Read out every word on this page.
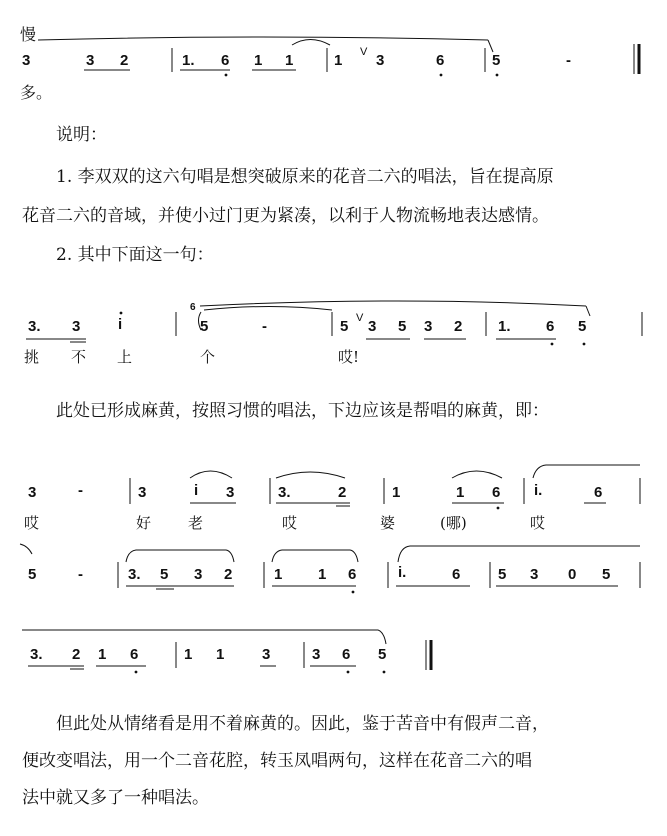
慢
3	3 2	1. 6 1 1	1 V 3	6	5	-
多。
说明：
1. 李双双的这六句唱是想突破原来的花音二六的唱法，旨在提高原
花音二六的音域，并使小过门更为紧凑，以利于人物流畅地表达感情。
2. 其中下面这一句：
3. 3	i
6
5	-	5 V 3 5 3 2 1. 6 5
挑 不 上	个	哎!
此处已形成麻黄，按照习惯的唱法，下边应该是帮唱的麻黄，即：
3	-	3	i 3	3.	2	1	1 6 i.	6
哎	好 老	哎	婆	(哪)	哎
5	-	3. 5 3 2	1 1 6	i.	6	5 3 0 5
3. 2 1 6	1 1	3	3 6 5
但此处从情绪看是用不着麻黄的。因此，鉴于苦音中有假声二音，
便改变唱法，用一个二音花腔，转玉凤唱两句，这样在花音二六的唱
法中就又多了一种唱法。
